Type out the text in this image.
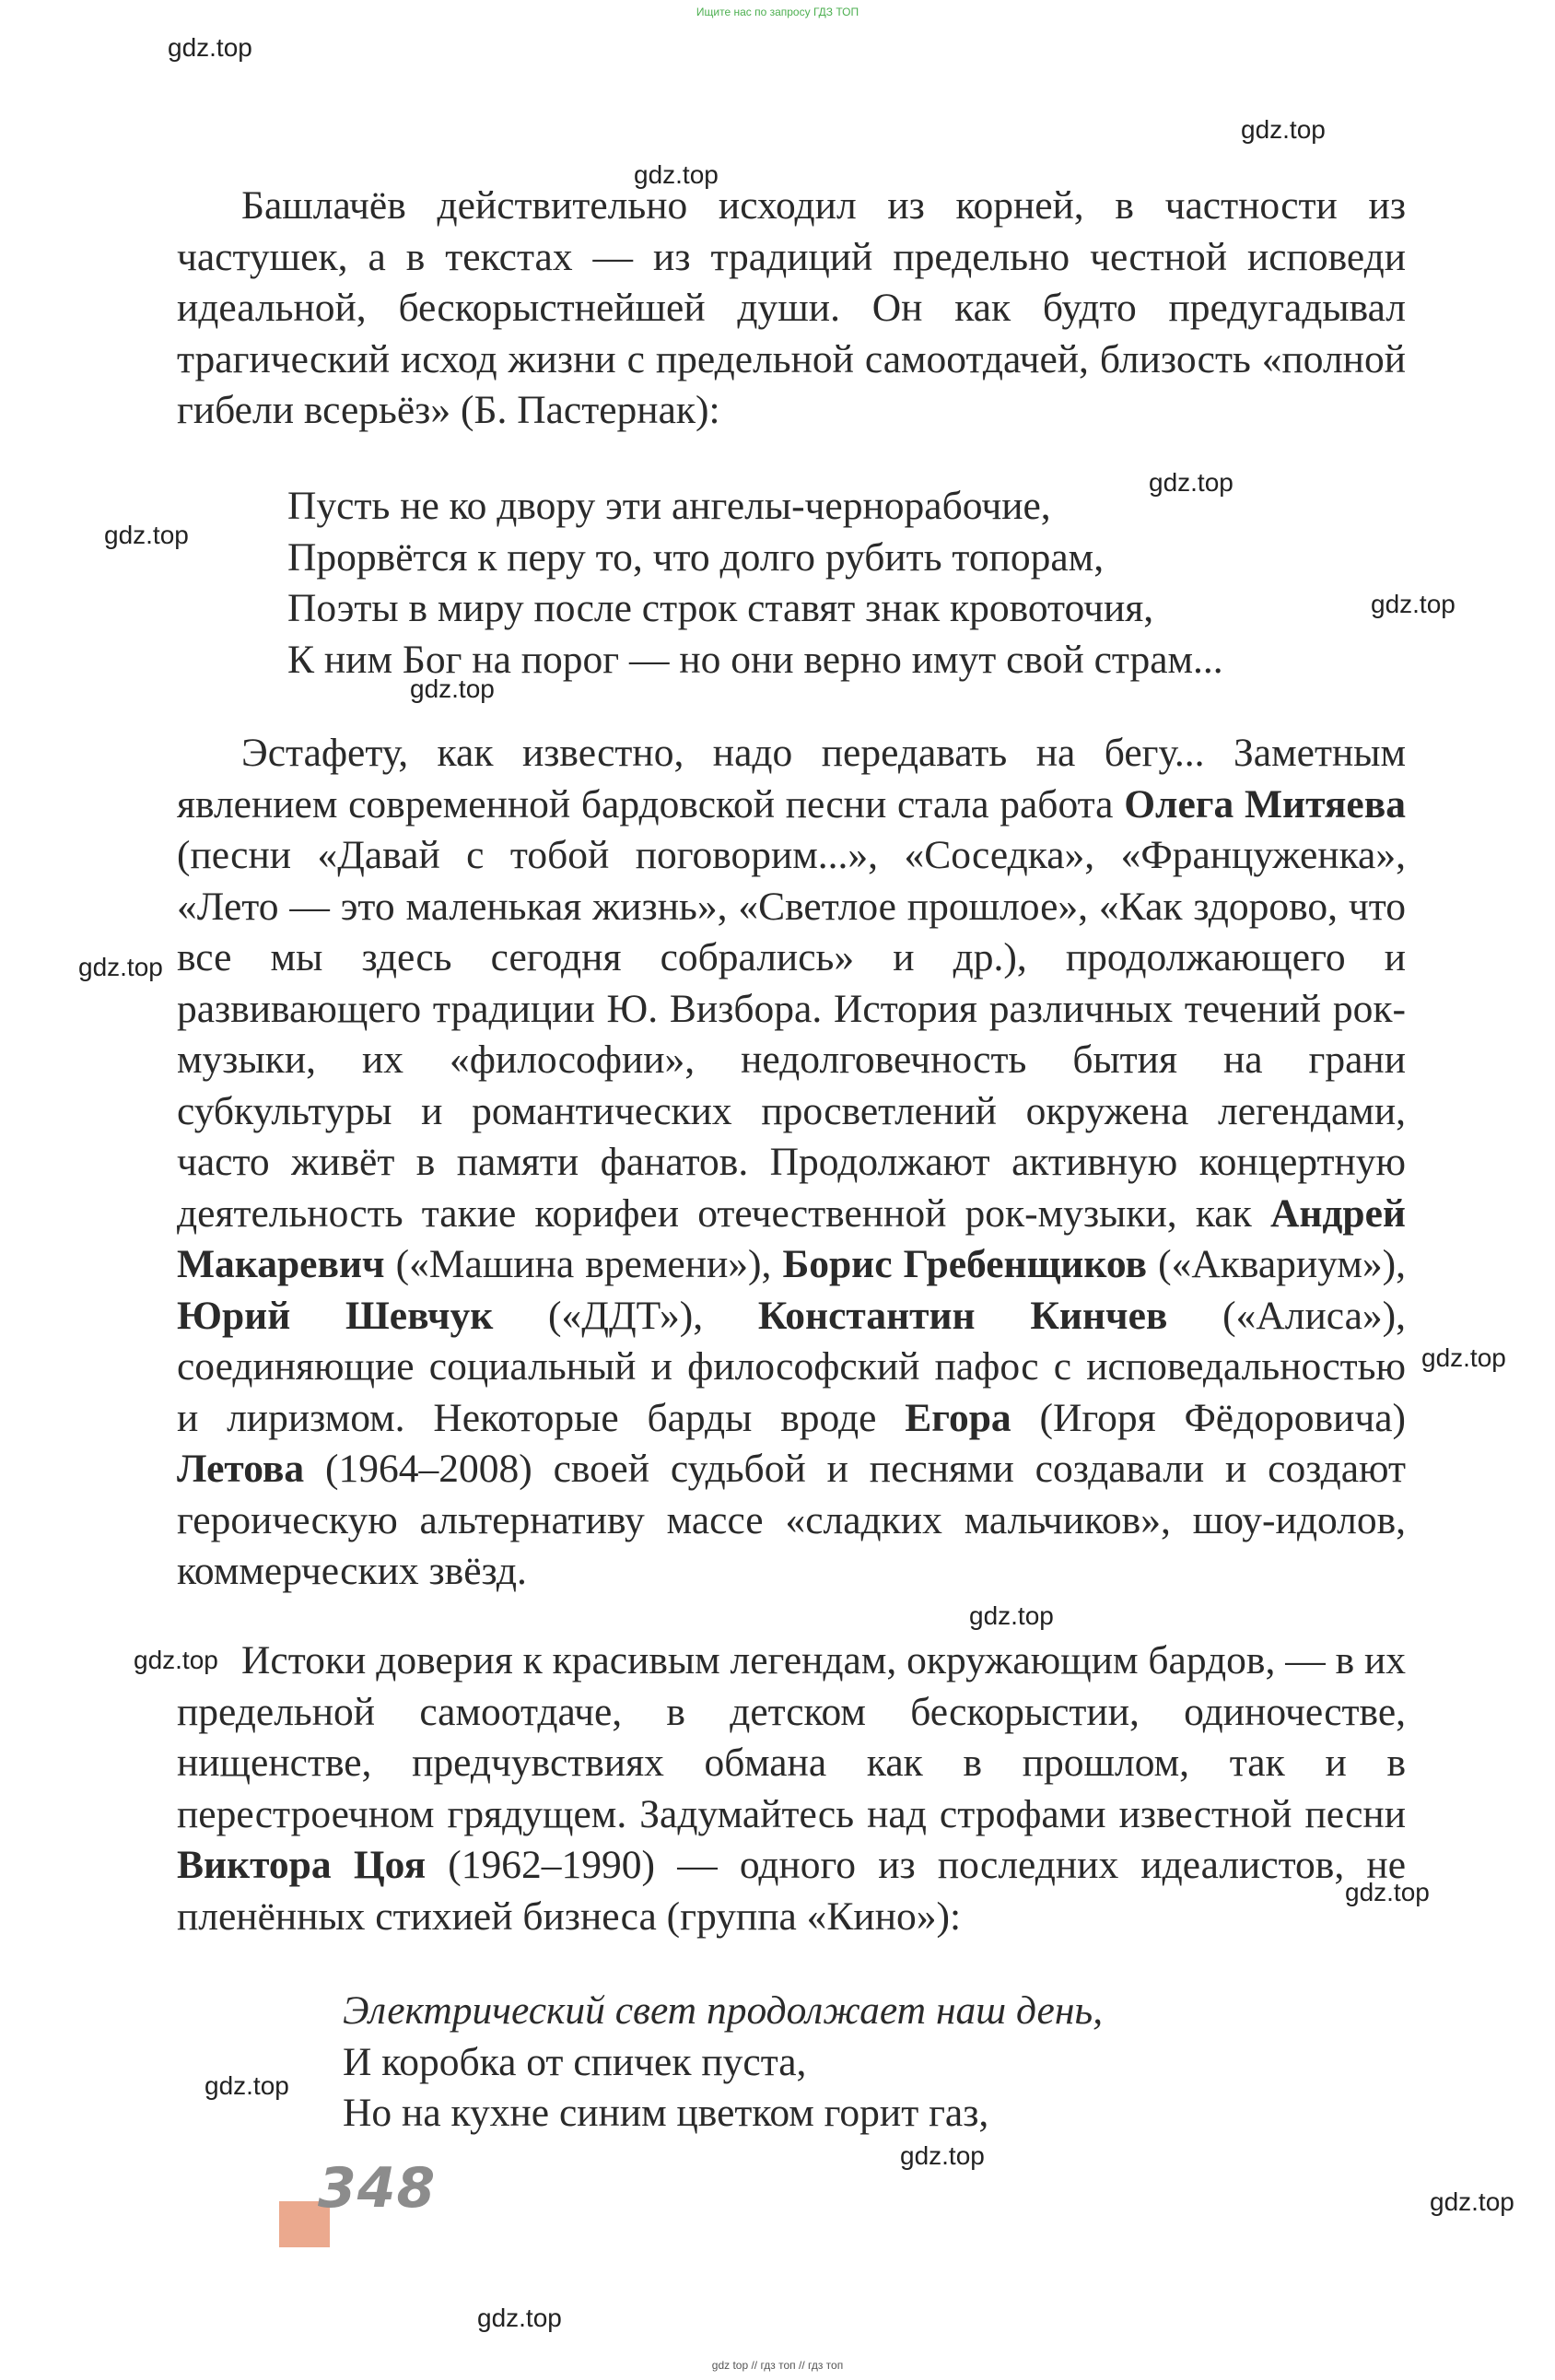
Ищите нас по запросу ГДЗ ТОП
gdz.top
gdz.top
gdz.top
gdz.top
gdz.top
gdz.top
gdz.top
gdz.top
gdz.top
gdz.top
gdz.top
gdz.top
gdz.top
gdz.top
gdz.top
gdz.top

Башлачёв действительно исходил из корней, в частности из частушек, а в текстах — из традиций предельно честной исповеди идеальной, бескорыстнейшей души. Он как будто предугадывал трагический исход жизни с предельной самоотдачей, близость «полной гибели всерьёз» (Б. Пастернак):

Пусть не ко двору эти ангелы-чернорабочие,
Прорвётся к перу то, что долго рубить топорам,
Поэты в миру после строк ставят знак кровоточия,
К ним Бог на порог — но они верно имут свой страм...

Эстафету, как известно, надо передавать на бегу... Заметным явлением современной бардовской песни стала работа Олега Митяева (песни «Давай с тобой поговорим...», «Соседка», «Француженка», «Лето — это маленькая жизнь», «Светлое прошлое», «Как здорово, что все мы здесь сегодня собрались» и др.), продолжающего и развивающего традиции Ю. Визбора. История различных течений рок-музыки, их «философии», недолговечность бытия на грани субкультуры и романтических просветлений окружена легендами, часто живёт в памяти фанатов. Продолжают активную концертную деятельность такие корифеи отечественной рок-музыки, как Андрей Макаревич («Машина времени»), Борис Гребенщиков («Аквариум»), Юрий Шевчук («ДДТ»), Константин Кинчев («Алиса»), соединяющие социальный и философский пафос с исповедальностью и лиризмом. Некоторые барды вроде Егора (Игоря Фёдоровича) Летова (1964–2008) своей судьбой и песнями создавали и создают героическую альтернативу массе «сладких мальчиков», шоу-идолов, коммерческих звёзд.

Истоки доверия к красивым легендам, окружающим бардов, — в их предельной самоотдаче, в детском бескорыстии, одиночестве, нищенстве, предчувствиях обмана как в прошлом, так и в перестроечном грядущем. Задумайтесь над строфами известной песни Виктора Цоя (1962–1990) — одного из последних идеалистов, не пленённых стихией бизнеса (группа «Кино»):

Электрический свет продолжает наш день,
И коробка от спичек пуста,
Но на кухне синим цветком горит газ,
348
gdz top // гдз топ // гдз топ
